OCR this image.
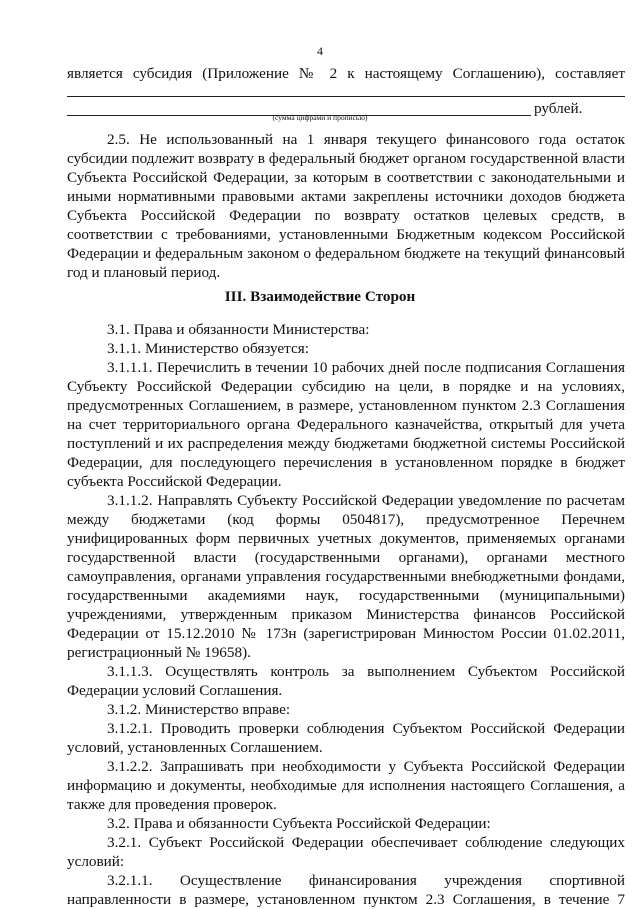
4

является субсидия (Приложение № 2 к настоящему Соглашению), составляет

рублей.
(сумма цифрами и прописью)

2.5. Не использованный на 1 января текущего финансового года остаток субсидии подлежит возврату в федеральный бюджет органом государственной власти Субъекта Российской Федерации, за которым в соответствии с законодательными и иными нормативными правовыми актами закреплены источники доходов бюджета Субъекта Российской Федерации по возврату остатков целевых средств, в соответствии с требованиями, установленными Бюджетным кодексом Российской Федерации и федеральным законом о федеральном бюджете на текущий финансовый год и плановый период.

III. Взаимодействие Сторон

3.1. Права и обязанности Министерства:

3.1.1. Министерство обязуется:

3.1.1.1. Перечислить в течении 10 рабочих дней после подписания Соглашения Субъекту Российской Федерации субсидию на цели, в порядке и на условиях, предусмотренных Соглашением, в размере, установленном пунктом 2.3 Соглашения на счет территориального органа Федерального казначейства, открытый для учета поступлений и их распределения между бюджетами бюджетной системы Российской Федерации, для последующего перечисления в установленном порядке в бюджет субъекта Российской Федерации.

3.1.1.2. Направлять Субъекту Российской Федерации уведомление по расчетам между бюджетами (код формы 0504817), предусмотренное Перечнем унифицированных форм первичных учетных документов, применяемых органами государственной власти (государственными органами), органами местного самоуправления, органами управления государственными внебюджетными фондами, государственными академиями наук, государственными (муниципальными) учреждениями, утвержденным приказом Министерства финансов Российской Федерации от 15.12.2010 № 173н (зарегистрирован Минюстом России 01.02.2011, регистрационный № 19658).

3.1.1.3. Осуществлять контроль за выполнением Субъектом Российской Федерации условий Соглашения.

3.1.2. Министерство вправе:

3.1.2.1. Проводить проверки соблюдения Субъектом Российской Федерации условий, установленных Соглашением.

3.1.2.2. Запрашивать при необходимости у Субъекта Российской Федерации информацию и документы, необходимые для исполнения настоящего Соглашения, а также для проведения проверок.

3.2. Права и обязанности Субъекта Российской Федерации:

3.2.1. Субъект Российской Федерации обеспечивает соблюдение следующих условий:

3.2.1.1. Осуществление финансирования учреждения спортивной направленности в размере, установленном пунктом 2.3 Соглашения, в течение 7
